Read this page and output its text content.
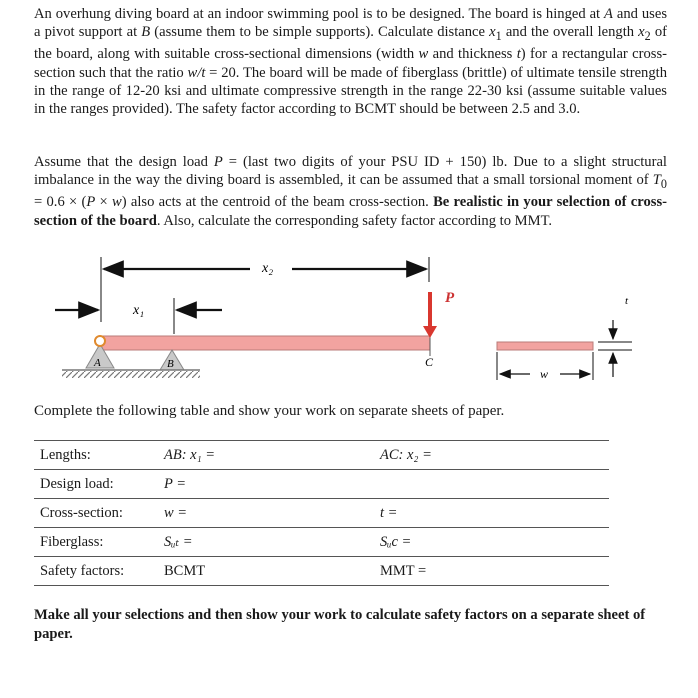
An overhung diving board at an indoor swimming pool is to be designed. The board is hinged at A and uses a pivot support at B (assume them to be simple supports). Calculate distance $x_1$ and the overall length $x_2$ of the board, along with suitable cross-sectional dimensions (width w and thickness t) for a rectangular cross-section such that the ratio w/t = 20. The board will be made of fiberglass (brittle) of ultimate tensile strength in the range of 12-20 ksi and ultimate compressive strength in the range 22-30 ksi (assume suitable values in the ranges provided). The safety factor according to BCMT should be between 2.5 and 3.0.

Assume that the design load P = (last two digits of your PSU ID + 150) lb. Due to a slight structural imbalance in the way the diving board is assembled, it can be assumed that a small torsional moment of $T_0 = 0.6 \times (P \times w)$ also acts at the centroid of the beam cross-section. Be realistic in your selection of cross-section of the board. Also, calculate the corresponding safety factor according to MMT.

x₂
x₁
P
A	B	C
w
t

Complete the following table and show your work on separate sheets of paper.

Lengths:	AB: x₁ =	AC: x₂ =
Design load:	P =	
Cross-section:	w =	t =
Fiberglass:	Sᵤₜ =	Sᵤc =
Safety factors:	BCMT	MMT =

Make all your selections and then show your work to calculate safety factors on a separate sheet of paper.
